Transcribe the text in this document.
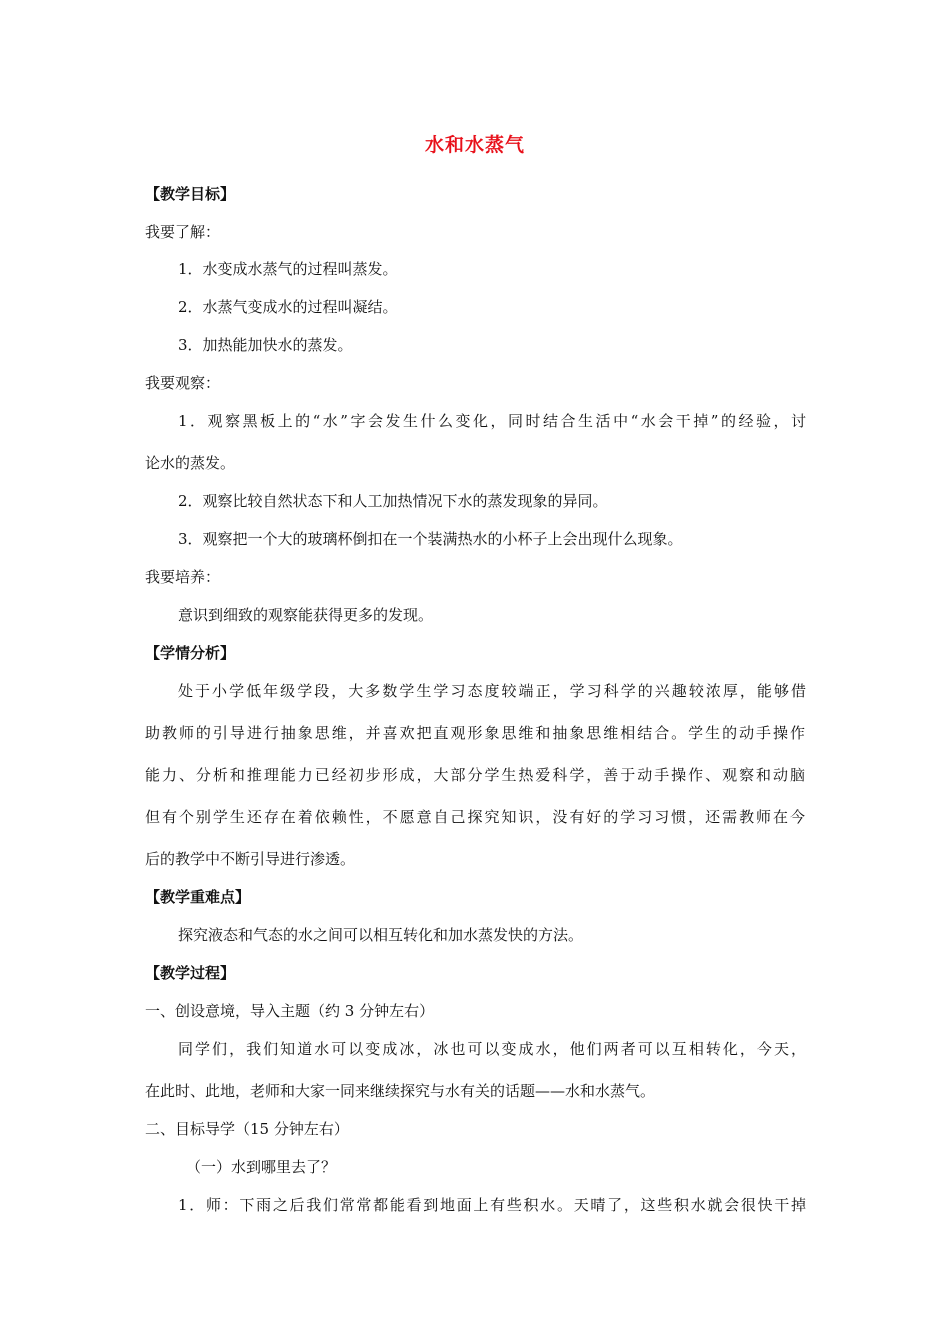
水和水蒸气
【教学目标】
我要了解：
1．水变成水蒸气的过程叫蒸发。
2．水蒸气变成水的过程叫凝结。
3．加热能加快水的蒸发。
我要观察：
1．观察黑板上的“水”字会发生什么变化，同时结合生活中“水会干掉”的经验，讨
论水的蒸发。
2．观察比较自然状态下和人工加热情况下水的蒸发现象的异同。
3．观察把一个大的玻璃杯倒扣在一个装满热水的小杯子上会出现什么现象。
我要培养：
意识到细致的观察能获得更多的发现。
【学情分析】
处于小学低年级学段，大多数学生学习态度较端正，学习科学的兴趣较浓厚，能够借
助教师的引导进行抽象思维，并喜欢把直观形象思维和抽象思维相结合。学生的动手操作
能力、分析和推理能力已经初步形成，大部分学生热爱科学，善于动手操作、观察和动脑
但有个别学生还存在着依赖性，不愿意自己探究知识，没有好的学习习惯，还需教师在今
后的教学中不断引导进行渗透。
【教学重难点】
探究液态和气态的水之间可以相互转化和加水蒸发快的方法。
【教学过程】
一、创设意境，导入主题（约 3 分钟左右）
同学们，我们知道水可以变成冰，冰也可以变成水，他们两者可以互相转化，今天，
在此时、此地，老师和大家一同来继续探究与水有关的话题——水和水蒸气。
二、目标导学（15 分钟左右）
（一）水到哪里去了？
1．师：下雨之后我们常常都能看到地面上有些积水。天晴了，这些积水就会很快干掉
